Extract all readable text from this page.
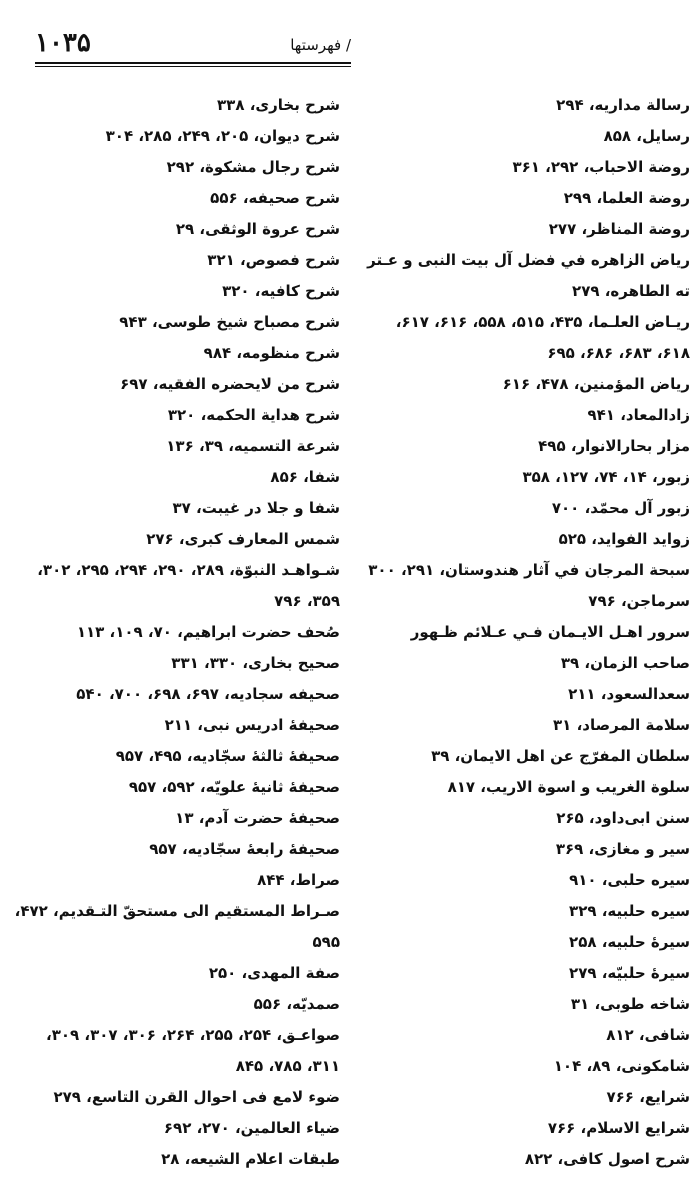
۱۰۳۵	/ فهرستها

رسالة مداريه، ۲۹۴

رسايل، ۸۵۸

روضة الاحباب، ۲۹۲، ۳۶۱

روضة العلما، ۲۹۹

روضة المناظر، ۲۷۷

رياض الزاهره في فضل آل بيت النبى و عـتر ته الطاهره، ۲۷۹

ريـاض العلـما، ۴۳۵، ۵۱۵، ۵۵۸، ۶۱۶، ۶۱۷، ۶۱۸، ۶۸۳، ۶۸۶، ۶۹۵

رياض المؤمنين، ۴۷۸، ۶۱۶

زادالمعاد، ۹۴۱

مزار بحارالانوار، ۴۹۵

زبور، ۱۴، ۷۴، ۱۲۷، ۳۵۸

زبور آل محمّد، ۷۰۰

زوايد الفوايد، ۵۲۵

سبحة المرجان في آثار هندوستان، ۲۹۱، ۳۰۰

سرماجن، ۷۹۶

سرور اهـل الايـمان فـي عـلائم ظـهور صاحب الزمان، ۳۹

سعدالسعود، ۲۱۱

سلامة المرصاد، ۳۱

سلطان المفرّج عن اهل الايمان، ۳۹

سلوة الغريب و اسوة الاريب، ۸۱۷

سنن ابی‌داود، ۲۶۵

سير و مغازی، ۳۶۹

سيره حلبی، ۹۱۰

سيره حلبيه، ۳۲۹

سيرهٔ حلبيه، ۲۵۸

سيرهٔ حلبيّه، ۲۷۹

شاخه طوبی، ۳۱

شافی، ۸۱۲

شامكونی، ۸۹، ۱۰۴

شرايع، ۷۶۶

شرايع الاسلام، ۷۶۶

شرح اصول كافی، ۸۲۲

شرح بخاری، ۳۳۸

شرح ديوان، ۲۰۵، ۲۴۹، ۲۸۵، ۳۰۴

شرح رجال مشكوة، ۲۹۲

شرح صحيفه، ۵۵۶

شرح عروة الوثقی، ۲۹

شرح فصوص، ۳۲۱

شرح كافيه، ۳۲۰

شرح مصباح شيخ طوسی، ۹۴۳

شرح منظومه، ۹۸۴

شرح من لايحضره الفقيه، ۶۹۷

شرح هداية الحكمه، ۳۲۰

شرعة التسميه، ۳۹، ۱۳۶

شفا، ۸۵۶

شفا و جلا در غيبت، ۳۷

شمس المعارف كبری، ۲۷۶

شـواهـد النبوّة، ۲۸۹، ۲۹۰، ۲۹۴، ۲۹۵، ۳۰۲، ۳۵۹، ۷۹۶

صُحف حضرت ابراهيم، ۷۰، ۱۰۹، ۱۱۳

صحيح بخاری، ۳۳۰، ۳۳۱

صحيفه سجاديه، ۶۹۷، ۶۹۸، ۷۰۰، ۵۴۰

صحيفهٔ ادريس نبی، ۲۱۱

صحيفهٔ ثالثهٔ سجّاديه، ۴۹۵، ۹۵۷

صحيفهٔ ثانيهٔ علويّه، ۵۹۲، ۹۵۷

صحيفهٔ حضرت آدم، ۱۳

صحيفهٔ رابعهٔ سجّاديه، ۹۵۷

صراط، ۸۴۴

صـراط المستقيم الی مستحقّ التـقديم، ۴۷۲، ۵۹۵

صفة المهدی، ۲۵۰

صمديّه، ۵۵۶

صواعـق، ۲۵۴، ۲۵۵، ۲۶۴، ۳۰۶، ۳۰۷، ۳۰۹، ۳۱۱، ۷۸۵، ۸۴۵

ضوء لامع فی احوال القرن التاسع، ۲۷۹

ضياء العالمين، ۲۷۰، ۶۹۲

طبقات اعلام الشيعه، ۲۸
